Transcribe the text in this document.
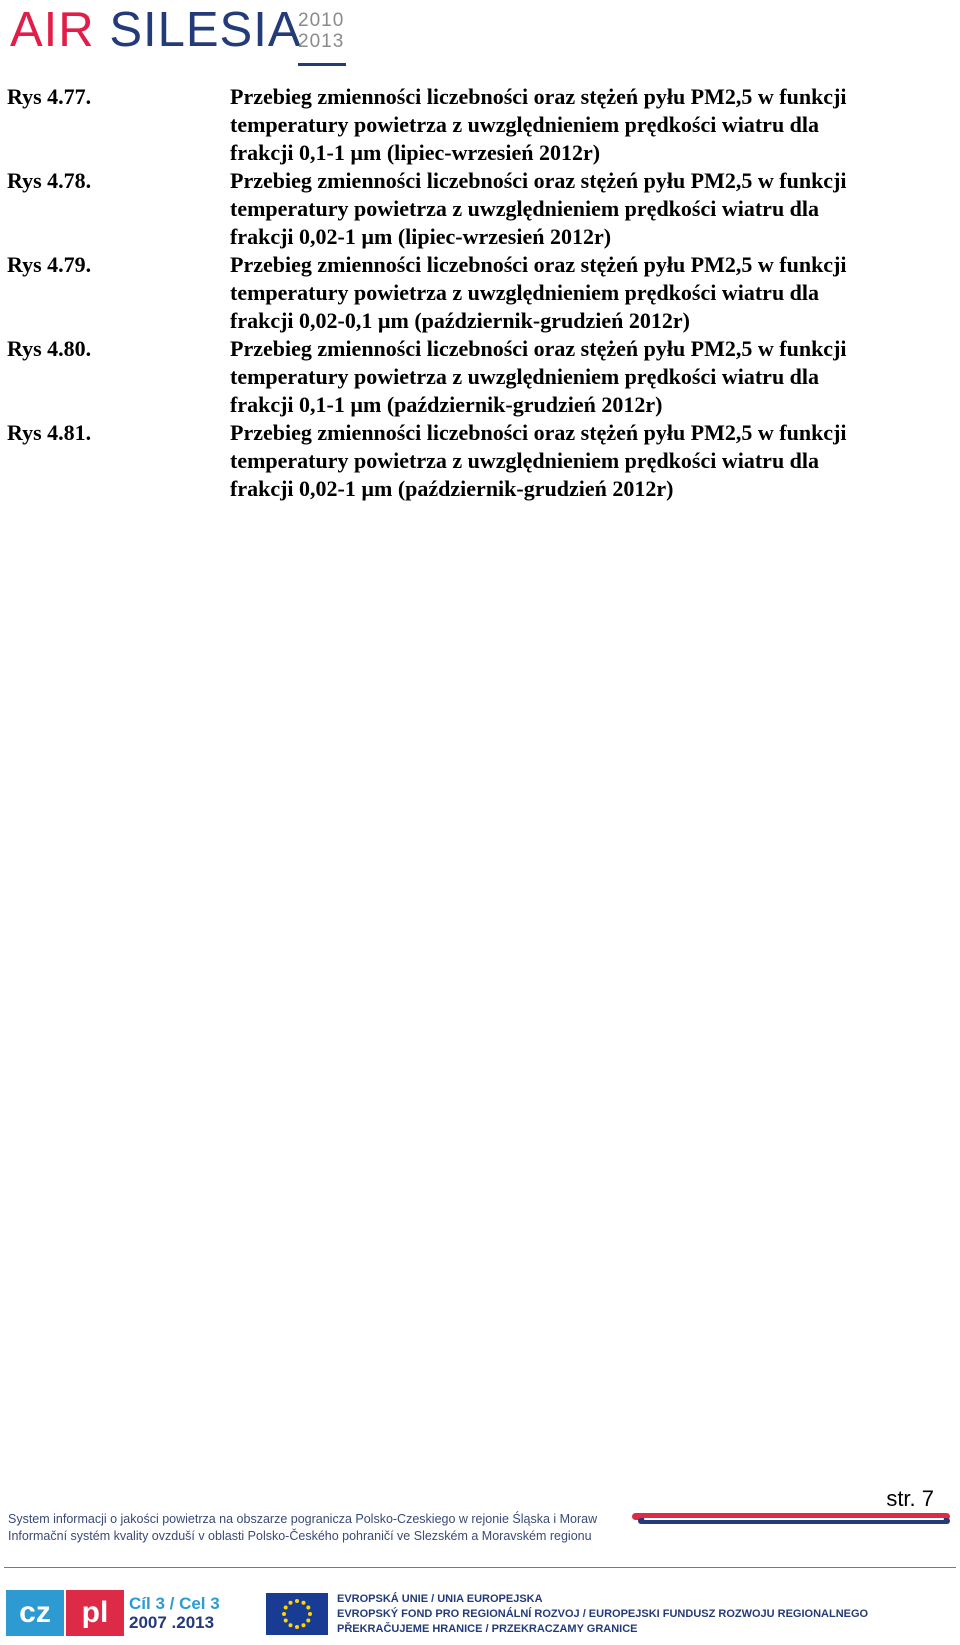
AIR SILESIA
2010
2013
Rys 4.77.	Przebieg zmienności liczebności oraz stężeń pyłu PM2,5 w funkcji
temperatury powietrza z uwzględnieniem prędkości wiatru dla
frakcji 0,1-1 µm (lipiec-wrzesień 2012r)
Rys 4.78.	Przebieg zmienności liczebności oraz stężeń pyłu PM2,5 w funkcji
temperatury powietrza z uwzględnieniem prędkości wiatru dla
frakcji 0,02-1 µm (lipiec-wrzesień 2012r)
Rys 4.79.	Przebieg zmienności liczebności oraz stężeń pyłu PM2,5 w funkcji
temperatury powietrza z uwzględnieniem prędkości wiatru dla
frakcji 0,02-0,1 µm (październik-grudzień 2012r)
Rys 4.80.	Przebieg zmienności liczebności oraz stężeń pyłu PM2,5 w funkcji
temperatury powietrza z uwzględnieniem prędkości wiatru dla
frakcji 0,1-1 µm (październik-grudzień 2012r)
Rys 4.81.	Przebieg zmienności liczebności oraz stężeń pyłu PM2,5 w funkcji
temperatury powietrza z uwzględnieniem prędkości wiatru dla
frakcji 0,02-1 µm (październik-grudzień 2012r)
str. 7
System informacji o jakości powietrza na obszarze pogranicza Polsko-Czeskiego w rejonie Śląska i Moraw
Informační systém kvality ovzduší v oblasti Polsko-Českého pohraničí ve Slezském a Moravském regionu
cz	pl	Cíl 3 / Cel 3
2007 .2013
EVROPSKÁ UNIE / UNIA EUROPEJSKA
EVROPSKÝ FOND PRO REGIONÁLNÍ ROZVOJ / EUROPEJSKI FUNDUSZ ROZWOJU REGIONALNEGO
PŘEKRAČUJEME HRANICE / PRZEKRACZAMY GRANICE
